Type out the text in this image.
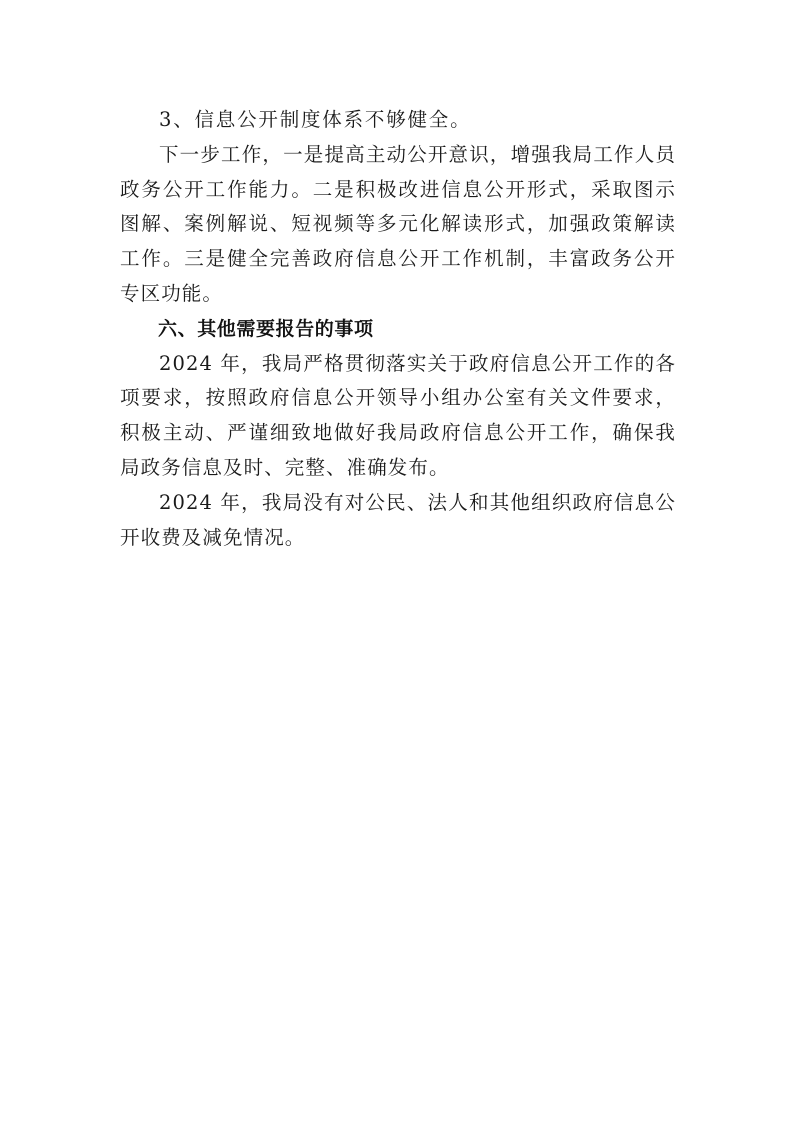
3、信息公开制度体系不够健全。

下一步工作，一是提高主动公开意识，增强我局工作人员政务公开工作能力。二是积极改进信息公开形式，采取图示图解、案例解说、短视频等多元化解读形式，加强政策解读工作。三是健全完善政府信息公开工作机制，丰富政务公开专区功能。

六、其他需要报告的事项

2024 年，我局严格贯彻落实关于政府信息公开工作的各项要求，按照政府信息公开领导小组办公室有关文件要求，积极主动、严谨细致地做好我局政府信息公开工作，确保我局政务信息及时、完整、准确发布。

2024 年，我局没有对公民、法人和其他组织政府信息公开收费及减免情况。
